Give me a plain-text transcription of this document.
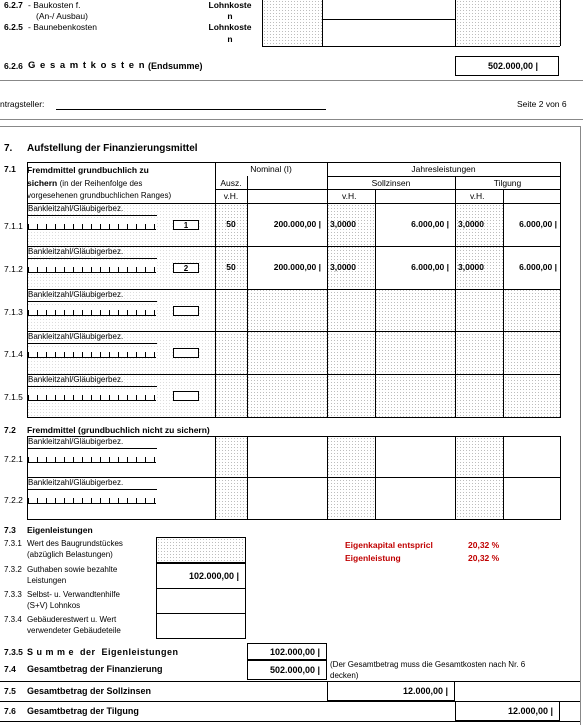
6.2.7 - Baukosten f.
(An-/ Ausbau)
Lohnkoste
n
6.2.5 - Baunebenkosten	Lohnkoste
n
6.2.6 G e s a m t k o s t e n (Endsumme)	502.000,00 |
ntragsteller:	Seite 2 von 6
7. Aufstellung der Finanzierungsmittel
7.1 Fremdmittel grundbuchlich zu
sichern (in der Reihenfolge des
vorgesehenen grundbuchlichen Ranges)
Nominal (I)	Jahresleistungen
Ausz.	Sollzinsen	Tilgung
v.H.	v.H.	v.H.
7.1.1
Bankleitzahl/Gläubigerbez.
1	50	200.000,00 | 3,0000	6.000,00 | 3,0000	6.000,00 |
7.1.2
Bankleitzahl/Gläubigerbez.
2	50	200.000,00 | 3,0000	6.000,00 | 3,0000	6.000,00 |
7.1.3
Bankleitzahl/Gläubigerbez.
7.1.4
Bankleitzahl/Gläubigerbez.
7.1.5
Bankleitzahl/Gläubigerbez.
7.2 Fremdmittel (grundbuchlich nicht zu sichern)
7.2.1
Bankleitzahl/Gläubigerbez.
7.2.2
Bankleitzahl/Gläubigerbez.
7.3 Eigenleistungen
7.3.1 Wert des Baugrundstückes
(abzüglich Belastungen)
7.3.2 Guthaben sowie bezahlte
Leistungen	102.000,00 |
7.3.3 Selbst- u. Verwandtenhilfe
(S+V) Lohnkos
7.3.4 Gebäuderestwert u. Wert
verwendeter Gebäudeteile
Eigenkapital entspricl	20,32 %
Eigenleistung	20,32 %
7.3.5 S u m m e  der  Eigenleistungen	102.000,00 |
7.4 Gesamtbetrag der Finanzierung	502.000,00 |
(Der Gesamtbetrag muss die Gesamtkosten nach Nr. 6
decken)
7.5 Gesamtbetrag der Sollzinsen	12.000,00 |
7.6 Gesamtbetrag der Tilgung	12.000,00 |
